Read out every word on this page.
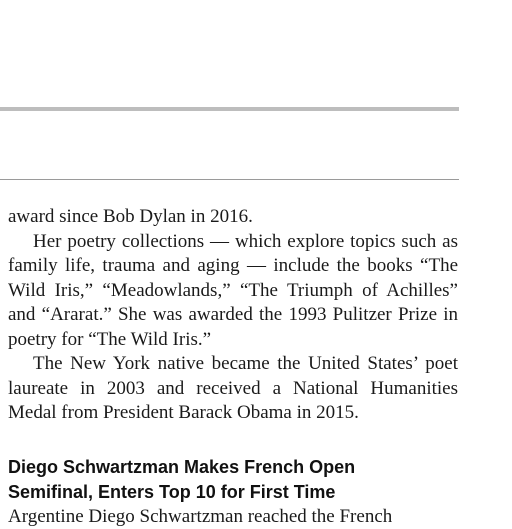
award since Bob Dylan in 2016.

Her poetry collections — which explore topics such as family life, trauma and aging — include the books “The Wild Iris,” “Meadowlands,” “The Triumph of Achilles” and “Ararat.” She was awarded the 1993 Pulitzer Prize in poetry for “The Wild Iris.”

The New York native became the United States’ poet laureate in 2003 and received a National Humanities Medal from President Barack Obama in 2015.

Diego Schwartzman Makes French Open
Semifinal, Enters Top 10 for First Time
Argentine Diego Schwartzman reached the French
